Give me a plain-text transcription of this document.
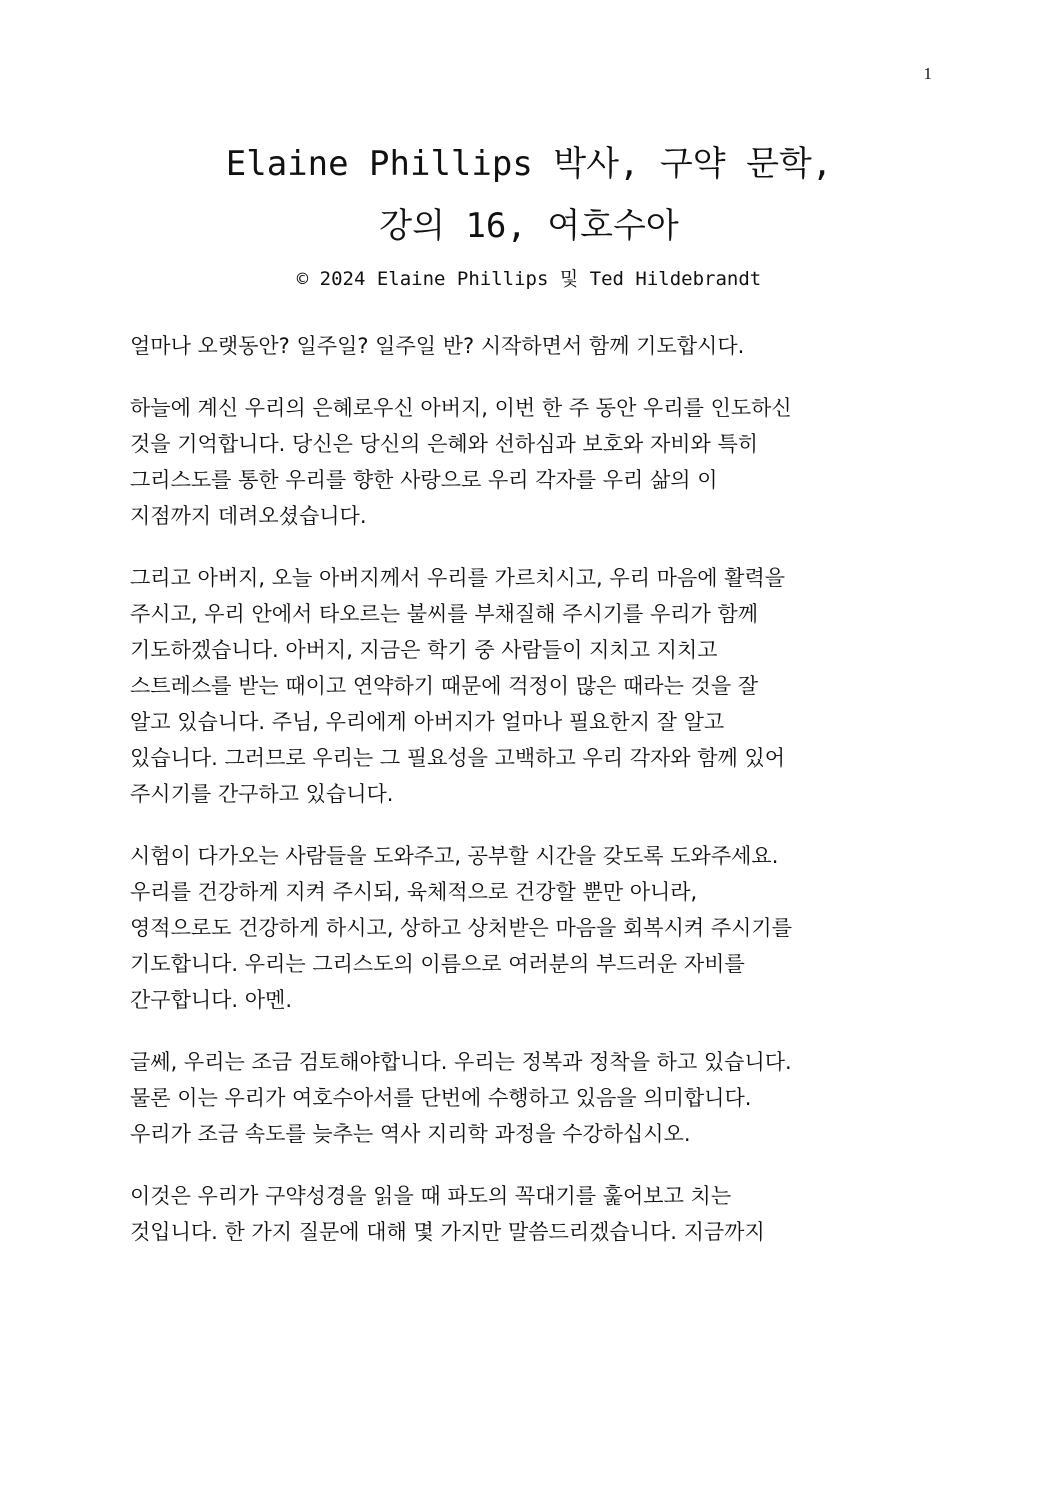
1
Elaine Phillips 박사, 구약 문학,
강의 16, 여호수아
© 2024 Elaine Phillips 및 Ted Hildebrandt

얼마나 오랫동안? 일주일? 일주일 반? 시작하면서 함께 기도합시다.

하늘에 계신 우리의 은혜로우신 아버지, 이번 한 주 동안 우리를 인도하신
것을 기억합니다. 당신은 당신의 은혜와 선하심과 보호와 자비와 특히
그리스도를 통한 우리를 향한 사랑으로 우리 각자를 우리 삶의 이
지점까지 데려오셨습니다.

그리고 아버지, 오늘 아버지께서 우리를 가르치시고, 우리 마음에 활력을
주시고, 우리 안에서 타오르는 불씨를 부채질해 주시기를 우리가 함께
기도하겠습니다. 아버지, 지금은 학기 중 사람들이 지치고 지치고
스트레스를 받는 때이고 연약하기 때문에 걱정이 많은 때라는 것을 잘
알고 있습니다. 주님, 우리에게 아버지가 얼마나 필요한지 잘 알고
있습니다. 그러므로 우리는 그 필요성을 고백하고 우리 각자와 함께 있어
주시기를 간구하고 있습니다.

시험이 다가오는 사람들을 도와주고, 공부할 시간을 갖도록 도와주세요.
우리를 건강하게 지켜 주시되, 육체적으로 건강할 뿐만 아니라,
영적으로도 건강하게 하시고, 상하고 상처받은 마음을 회복시켜 주시기를
기도합니다. 우리는 그리스도의 이름으로 여러분의 부드러운 자비를
간구합니다. 아멘.

글쎄, 우리는 조금 검토해야합니다. 우리는 정복과 정착을 하고 있습니다.
물론 이는 우리가 여호수아서를 단번에 수행하고 있음을 의미합니다.
우리가 조금 속도를 늦추는 역사 지리학 과정을 수강하십시오.

이것은 우리가 구약성경을 읽을 때 파도의 꼭대기를 훑어보고 치는
것입니다. 한 가지 질문에 대해 몇 가지만 말씀드리겠습니다. 지금까지
